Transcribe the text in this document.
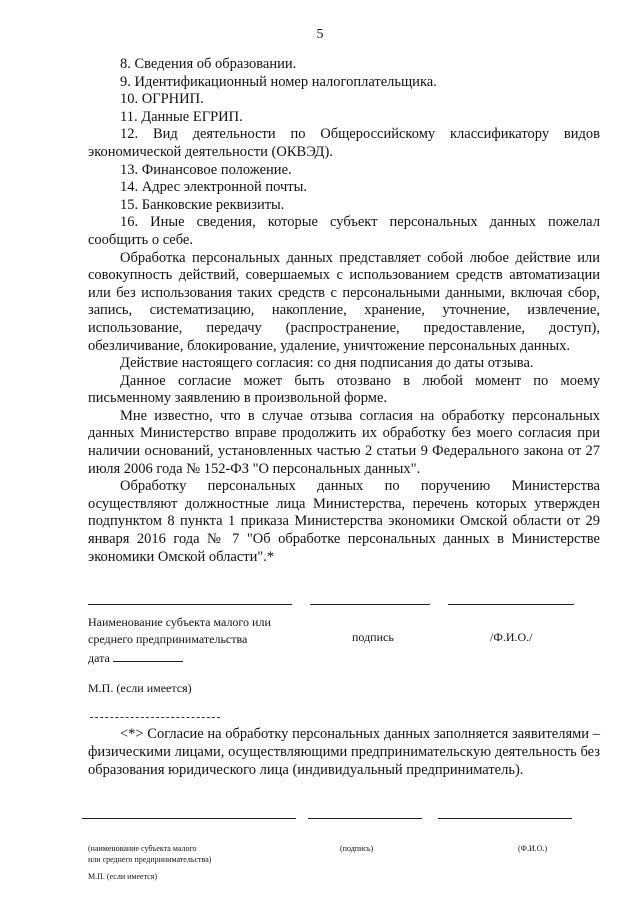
5

8. Сведения об образовании.

9. Идентификационный номер налогоплательщика.

10. ОГРНИП.

11. Данные ЕГРИП.

12. Вид деятельности по Общероссийскому классификатору видов экономической деятельности (ОКВЭД).

13. Финансовое положение.

14. Адрес электронной почты.

15. Банковские реквизиты.

16. Иные сведения, которые субъект персональных данных пожелал сообщить о себе.

Обработка персональных данных представляет собой любое действие или совокупность действий, совершаемых с использованием средств автоматизации или без использования таких средств с персональными данными, включая сбор, запись, систематизацию, накопление, хранение, уточнение, извлечение, использование, передачу (распространение, предоставление, доступ), обезличивание, блокирование, удаление, уничтожение персональных данных.

Действие настоящего согласия: со дня подписания до даты отзыва.

Данное согласие может быть отозвано в любой момент по моему письменному заявлению в произвольной форме.

Мне известно, что в случае отзыва согласия на обработку персональных данных Министерство вправе продолжить их обработку без моего согласия при наличии оснований, установленных частью 2 статьи 9 Федерального закона от 27 июля 2006 года № 152-ФЗ "О персональных данных".

Обработку персональных данных по поручению Министерства осуществляют должностные лица Министерства, перечень которых утвержден подпунктом 8 пункта 1 приказа Министерства экономики Омской области от 29 января 2016 года № 7 "Об обработке персональных данных в Министерстве экономики Омской области".*

Наименование субъекта малого или
среднего предпринимательства	подпись	/Ф.И.О./
дата
М.П. (если имеется)
<*> Согласие на обработку персональных данных заполняется заявителями – физическими лицами, осуществляющими предпринимательскую деятельность без образования юридического лица (индивидуальный предприниматель).
(наименование субъекта малого
или среднего предпринимательства)
(подпись)	(Ф.И.О.)
М.П. (если имеется)
